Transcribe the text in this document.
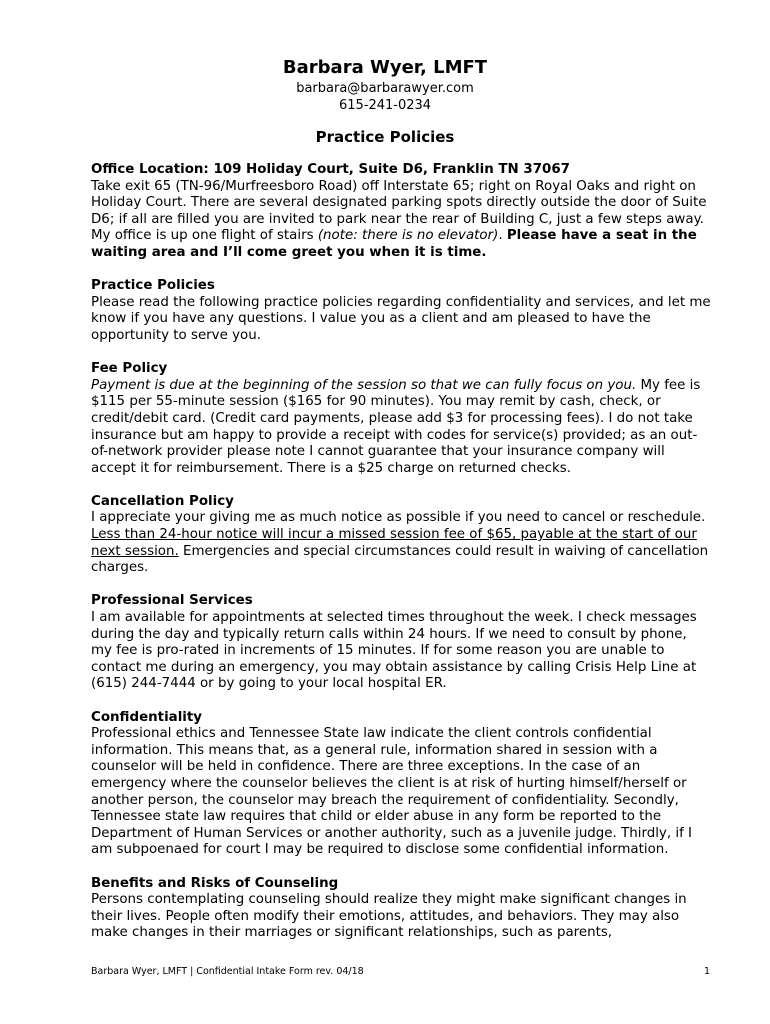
Barbara Wyer, LMFT
barbara@barbarawyer.com
615-241-0234
Practice Policies
Office Location: 109 Holiday Court, Suite D6, Franklin TN 37067
Take exit 65 (TN-96/Murfreesboro Road) off Interstate 65; right on Royal Oaks and right on Holiday Court. There are several designated parking spots directly outside the door of Suite D6; if all are filled you are invited to park near the rear of Building C, just a few steps away. My office is up one flight of stairs (note: there is no elevator). Please have a seat in the waiting area and I’ll come greet you when it is time.
Practice Policies
Please read the following practice policies regarding confidentiality and services, and let me know if you have any questions. I value you as a client and am pleased to have the opportunity to serve you.
Fee Policy
Payment is due at the beginning of the session so that we can fully focus on you. My fee is $115 per 55-minute session ($165 for 90 minutes). You may remit by cash, check, or credit/debit card. (Credit card payments, please add $3 for processing fees). I do not take insurance but am happy to provide a receipt with codes for service(s) provided; as an out-of-network provider please note I cannot guarantee that your insurance company will accept it for reimbursement. There is a $25 charge on returned checks.
Cancellation Policy
I appreciate your giving me as much notice as possible if you need to cancel or reschedule. Less than 24-hour notice will incur a missed session fee of $65, payable at the start of our next session. Emergencies and special circumstances could result in waiving of cancellation charges.
Professional Services
I am available for appointments at selected times throughout the week. I check messages during the day and typically return calls within 24 hours. If we need to consult by phone, my fee is pro-rated in increments of 15 minutes. If for some reason you are unable to contact me during an emergency, you may obtain assistance by calling Crisis Help Line at (615) 244-7444 or by going to your local hospital ER.
Confidentiality
Professional ethics and Tennessee State law indicate the client controls confidential information. This means that, as a general rule, information shared in session with a counselor will be held in confidence. There are three exceptions. In the case of an emergency where the counselor believes the client is at risk of hurting himself/herself or another person, the counselor may breach the requirement of confidentiality. Secondly, Tennessee state law requires that child or elder abuse in any form be reported to the Department of Human Services or another authority, such as a juvenile judge. Thirdly, if I am subpoenaed for court I may be required to disclose some confidential information.
Benefits and Risks of Counseling
Persons contemplating counseling should realize they might make significant changes in their lives. People often modify their emotions, attitudes, and behaviors. They may also make changes in their marriages or significant relationships, such as parents,
Barbara Wyer, LMFT | Confidential Intake Form rev. 04/18	1
